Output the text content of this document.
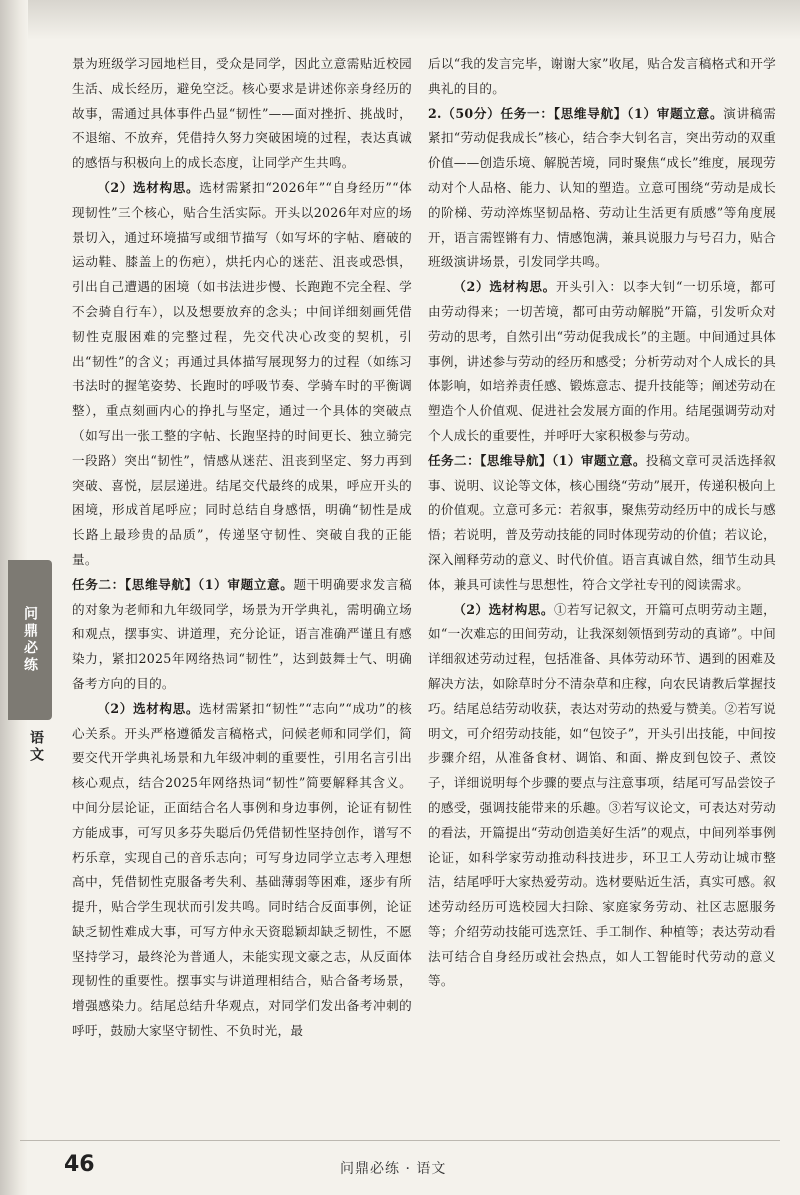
景为班级学习园地栏目，受众是同学，因此立意需贴近校园生活、成长经历，避免空泛。核心要求是讲述你亲身经历的故事，需通过具体事件凸显“韧性”——面对挫折、挑战时，不退缩、不放弃，凭借持久努力突破困境的过程，表达真诚的感悟与积极向上的成长态度，让同学产生共鸣。

（2）选材构思。选材需紧扣“2026年”“自身经历”“体现韧性”三个核心，贴合生活实际。开头以2026年对应的场景切入，通过环境描写或细节描写（如写坏的字帖、磨破的运动鞋、膝盖上的伤疤），烘托内心的迷茫、沮丧或恐惧，引出自己遭遇的困境（如书法进步慢、长跑跑不完全程、学不会骑自行车），以及想要放弃的念头；中间详细刻画凭借韧性克服困难的完整过程，先交代决心改变的契机，引出“韧性”的含义；再通过具体描写展现努力的过程（如练习书法时的握笔姿势、长跑时的呼吸节奏、学骑车时的平衡调整），重点刻画内心的挣扎与坚定，通过一个具体的突破点（如写出一张工整的字帖、长跑坚持的时间更长、独立骑完一段路）突出“韧性”，情感从迷茫、沮丧到坚定、努力再到突破、喜悦，层层递进。结尾交代最终的成果，呼应开头的困境，形成首尾呼应；同时总结自身感悟，明确“韧性是成长路上最珍贵的品质”，传递坚守韧性、突破自我的正能量。

任务二：【思维导航】（1）审题立意。题干明确要求发言稿的对象为老师和九年级同学，场景为开学典礼，需明确立场和观点，摆事实、讲道理，充分论证，语言准确严谨且有感染力，紧扣2025年网络热词“韧性”，达到鼓舞士气、明确备考方向的目的。

（2）选材构思。选材需紧扣“韧性”“志向”“成功”的核心关系。开头严格遵循发言稿格式，问候老师和同学们，简要交代开学典礼场景和九年级冲刺的重要性，引用名言引出核心观点，结合2025年网络热词“韧性”简要解释其含义。中间分层论证，正面结合名人事例和身边事例，论证有韧性方能成事，可写贝多芬失聪后仍凭借韧性坚持创作，谱写不朽乐章，实现自己的音乐志向；可写身边同学立志考入理想高中，凭借韧性克服备考失利、基础薄弱等困难，逐步有所提升，贴合学生现状而引发共鸣。同时结合反面事例，论证缺乏韧性难成大事，可写方仲永天资聪颖却缺乏韧性，不愿坚持学习，最终沦为普通人，未能实现文豪之志，从反面体现韧性的重要性。摆事实与讲道理相结合，贴合备考场景，增强感染力。结尾总结升华观点，对同学们发出备考冲刺的呼吁，鼓励大家坚守韧性、不负时光，最

后以“我的发言完毕，谢谢大家”收尾，贴合发言稿格式和开学典礼的目的。

2.（50分）任务一：【思维导航】（1）审题立意。演讲稿需紧扣“劳动促我成长”核心，结合李大钊名言，突出劳动的双重价值——创造乐境、解脱苦境，同时聚焦“成长”维度，展现劳动对个人品格、能力、认知的塑造。立意可围绕“劳动是成长的阶梯、劳动淬炼坚韧品格、劳动让生活更有质感”等角度展开，语言需铿锵有力、情感饱满，兼具说服力与号召力，贴合班级演讲场景，引发同学共鸣。

（2）选材构思。开头引入：以李大钊“一切乐境，都可由劳动得来；一切苦境，都可由劳动解脱”开篇，引发听众对劳动的思考，自然引出“劳动促我成长”的主题。中间通过具体事例，讲述参与劳动的经历和感受；分析劳动对个人成长的具体影响，如培养责任感、锻炼意志、提升技能等；阐述劳动在塑造个人价值观、促进社会发展方面的作用。结尾强调劳动对个人成长的重要性，并呼吁大家积极参与劳动。

任务二：【思维导航】（1）审题立意。投稿文章可灵活选择叙事、说明、议论等文体，核心围绕“劳动”展开，传递积极向上的价值观。立意可多元：若叙事，聚焦劳动经历中的成长与感悟；若说明，普及劳动技能的同时体现劳动的价值；若议论，深入阐释劳动的意义、时代价值。语言真诚自然，细节生动具体，兼具可读性与思想性，符合文学社专刊的阅读需求。

（2）选材构思。①若写记叙文，开篇可点明劳动主题，如“一次难忘的田间劳动，让我深刻领悟到劳动的真谛”。中间详细叙述劳动过程，包括准备、具体劳动环节、遇到的困难及解决方法，如除草时分不清杂草和庄稼，向农民请教后掌握技巧。结尾总结劳动收获，表达对劳动的热爱与赞美。②若写说明文，可介绍劳动技能，如“包饺子”，开头引出技能，中间按步骤介绍，从准备食材、调馅、和面、擀皮到包饺子、煮饺子，详细说明每个步骤的要点与注意事项，结尾可写品尝饺子的感受，强调技能带来的乐趣。③若写议论文，可表达对劳动的看法，开篇提出“劳动创造美好生活”的观点，中间列举事例论证，如科学家劳动推动科技进步，环卫工人劳动让城市整洁，结尾呼吁大家热爱劳动。选材要贴近生活，真实可感。叙述劳动经历可选校园大扫除、家庭家务劳动、社区志愿服务等；介绍劳动技能可选烹饪、手工制作、种植等；表达劳动看法可结合自身经历或社会热点，如人工智能时代劳动的意义等。

问鼎必练
语文
46	问鼎必练 · 语文
